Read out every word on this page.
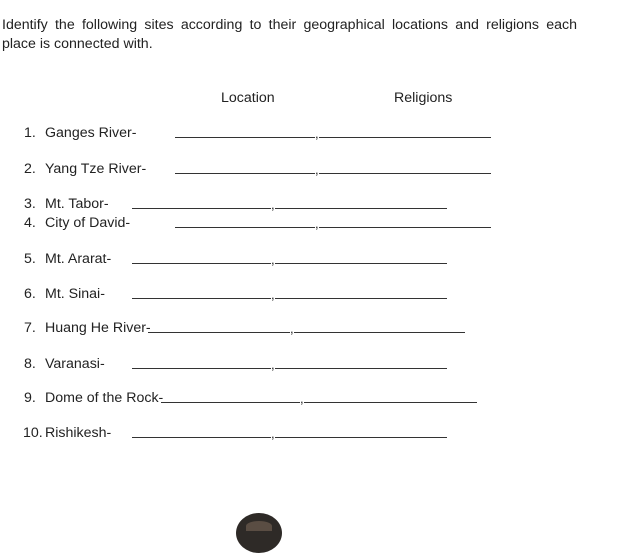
Identify the following sites according to their geographical locations and religions each place is connected with.

Location	Religions
1. Ganges River-	,
2. Yang Tze River-	,
3. Mt. Tabor-	,
4. City of David-	,
5. Mt. Ararat-	,
6. Mt. Sinai-	,
7. Huang He River-	,
8. Varanasi-	,
9. Dome of the Rock-	,
10. Rishikesh-	,
